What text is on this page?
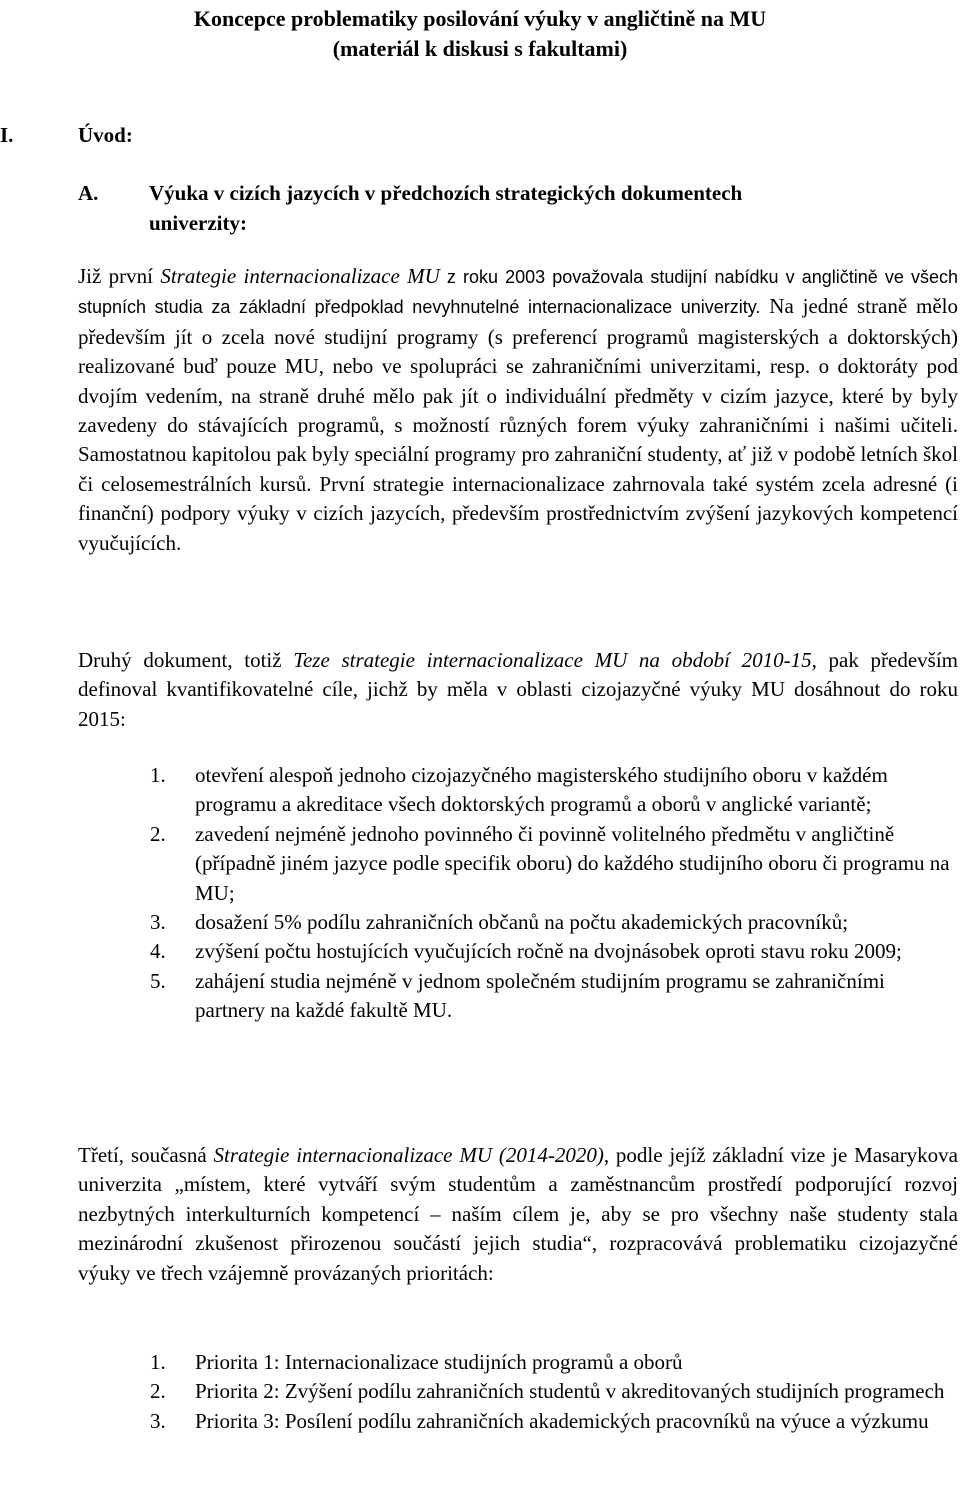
Koncepce problematiky posilování výuky v angličtině na MU
(materiál k diskusi s fakultami)
I.	Úvod:
A. Výuka v cizích jazycích v předchozích strategických dokumentech
univerzity:

Již první Strategie internacionalizace MU z roku 2003 považovala studijní nabídku v angličtině ve všech stupních studia za základní předpoklad nevyhnutelné internacionalizace univerzity. Na jedné straně mělo především jít o zcela nové studijní programy (s preferencí programů magisterských a doktorských) realizované buď pouze MU, nebo ve spolupráci se zahraničními univerzitami, resp. o doktoráty pod dvojím vedením, na straně druhé mělo pak jít o individuální předměty v cizím jazyce, které by byly zavedeny do stávajících programů, s možností různých forem výuky zahraničními i našimi učiteli. Samostatnou kapitolou pak byly speciální programy pro zahraniční studenty, ať již v podobě letních škol či celosemestrálních kursů. První strategie internacionalizace zahrnovala také systém zcela adresné (i finanční) podpory výuky v cizích jazycích, především prostřednictvím zvýšení jazykových kompetencí vyučujících.

Druhý dokument, totiž Teze strategie internacionalizace MU na období 2010-15, pak především definoval kvantifikovatelné cíle, jichž by měla v oblasti cizojazyčné výuky MU dosáhnout do roku 2015:

1. otevření alespoň jednoho cizojazyčného magisterského studijního oboru v každém programu a akreditace všech doktorských programů a oborů v anglické variantě;
2. zavedení nejméně jednoho povinného či povinně volitelného předmětu v angličtině (případně jiném jazyce podle specifik oboru) do každého studijního oboru či programu na MU;
3. dosažení 5% podílu zahraničních občanů na počtu akademických pracovníků;
4. zvýšení počtu hostujících vyučujících ročně na dvojnásobek oproti stavu roku 2009;
5. zahájení studia nejméně v jednom společném studijním programu se zahraničními partnery na každé fakultě MU.

Třetí, současná Strategie internacionalizace MU (2014-2020), podle jejíž základní vize je Masarykova univerzita „místem, které vytváří svým studentům a zaměstnancům prostředí podporující rozvoj nezbytných interkulturních kompetencí – naším cílem je, aby se pro všechny naše studenty stala mezinárodní zkušenost přirozenou součástí jejich studia“, rozpracovává problematiku cizojazyčné výuky ve třech vzájemně provázaných prioritách:

1. Priorita 1: Internacionalizace studijních programů a oborů
2. Priorita 2: Zvýšení podílu zahraničních studentů v akreditovaných studijních programech
3. Priorita 3: Posílení podílu zahraničních akademických pracovníků na výuce a výzkumu
